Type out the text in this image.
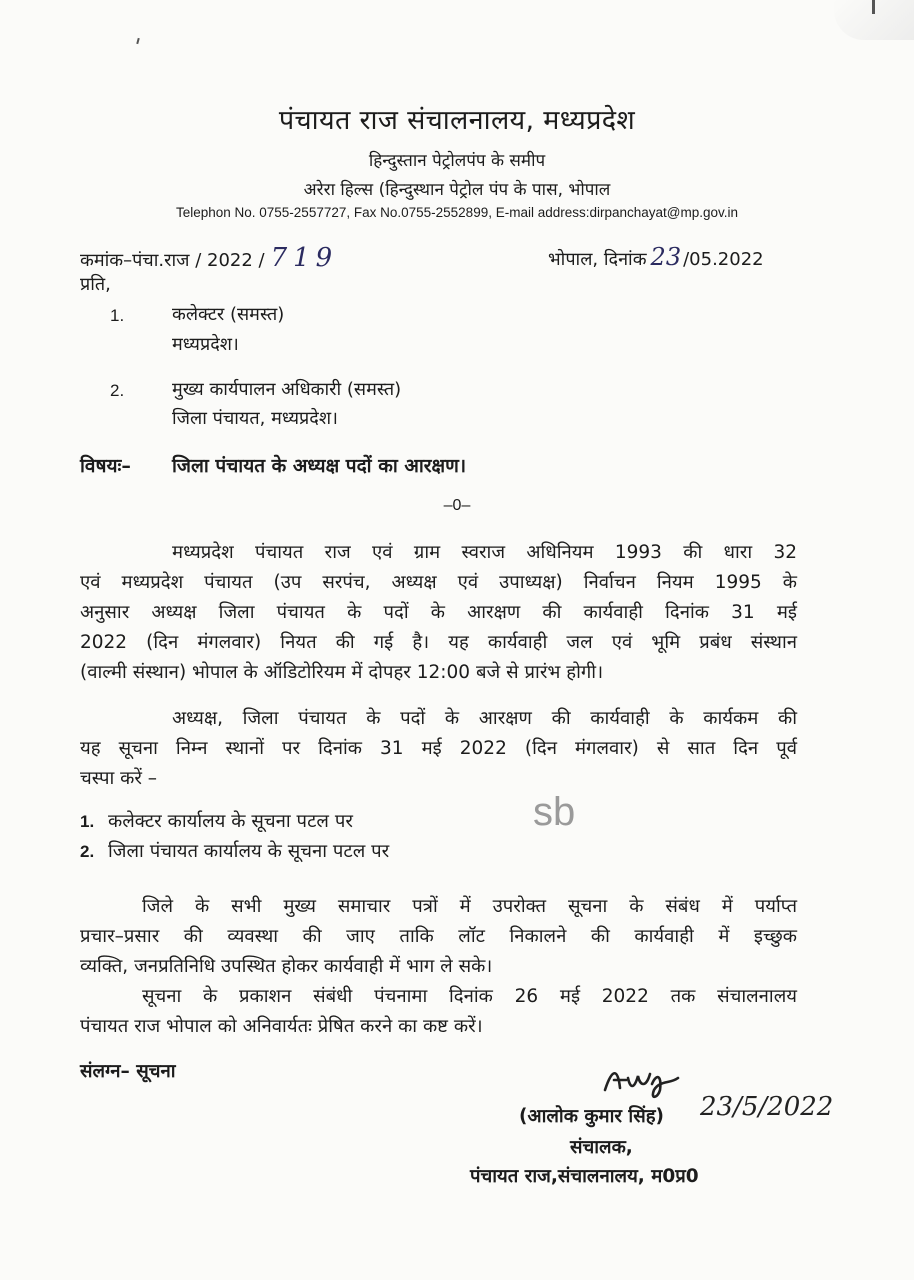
पंचायत राज संचालनालय, मध्यप्रदेश
हिन्दुस्तान पेट्रोलपंप के समीप
अरेरा हिल्स (हिन्दुस्थान पेट्रोल पंप के पास, भोपाल
Telephon No. 0755-2557727, Fax No.0755-2552899, E-mail address:dirpanchayat@mp.gov.in
कमांक–पंचा.राज / 2022 / 719	भोपाल, दिनांक 23 /05.2022
प्रति,
1.	कलेक्टर (समस्त)
मध्यप्रदेश।
2.	मुख्य कार्यपालन अधिकारी (समस्त)
जिला पंचायत, मध्यप्रदेश।
विषयः– जिला पंचायत के अध्यक्ष पदों का आरक्षण।
–0–
मध्यप्रदेश पंचायत राज एवं ग्राम स्वराज अधिनियम 1993 की धारा 32
एवं मध्यप्रदेश पंचायत (उप सरपंच, अध्यक्ष एवं उपाध्यक्ष) निर्वाचन नियम 1995 के
अनुसार अध्यक्ष जिला पंचायत के पदों के आरक्षण की कार्यवाही दिनांक 31 मई
2022 (दिन मंगलवार) नियत की गई है। यह कार्यवाही जल एवं भूमि प्रबंध संस्थान
(वाल्मी संस्थान) भोपाल के ऑडिटोरियम में दोपहर 12:00 बजे से प्रारंभ होगी।
अध्यक्ष, जिला पंचायत के पदों के आरक्षण की कार्यवाही के कार्यकम की
यह सूचना निम्न स्थानों पर दिनांक 31 मई 2022 (दिन मंगलवार) से सात दिन पूर्व
चस्पा करें –
1. कलेक्टर कार्यालय के सूचना पटल पर
2. जिला पंचायत कार्यालय के सूचना पटल पर
sb
जिले के सभी मुख्य समाचार पत्रों में उपरोक्त सूचना के संबंध में पर्याप्त
प्रचार–प्रसार की व्यवस्था की जाए ताकि लॉट निकालने की कार्यवाही में इच्छुक
व्यक्ति, जनप्रतिनिधि उपस्थित होकर कार्यवाही में भाग ले सके।
सूचना के प्रकाशन संबंधी पंचनामा दिनांक 26 मई 2022 तक संचालनालय
पंचायत राज भोपाल को अनिवार्यतः प्रेषित करने का कष्ट करें।
संलग्न– सूचना
(आलोक कुमार सिंह) 23/5/2022
संचालक,
पंचायत राज,संचालनालय, म0प्र0
